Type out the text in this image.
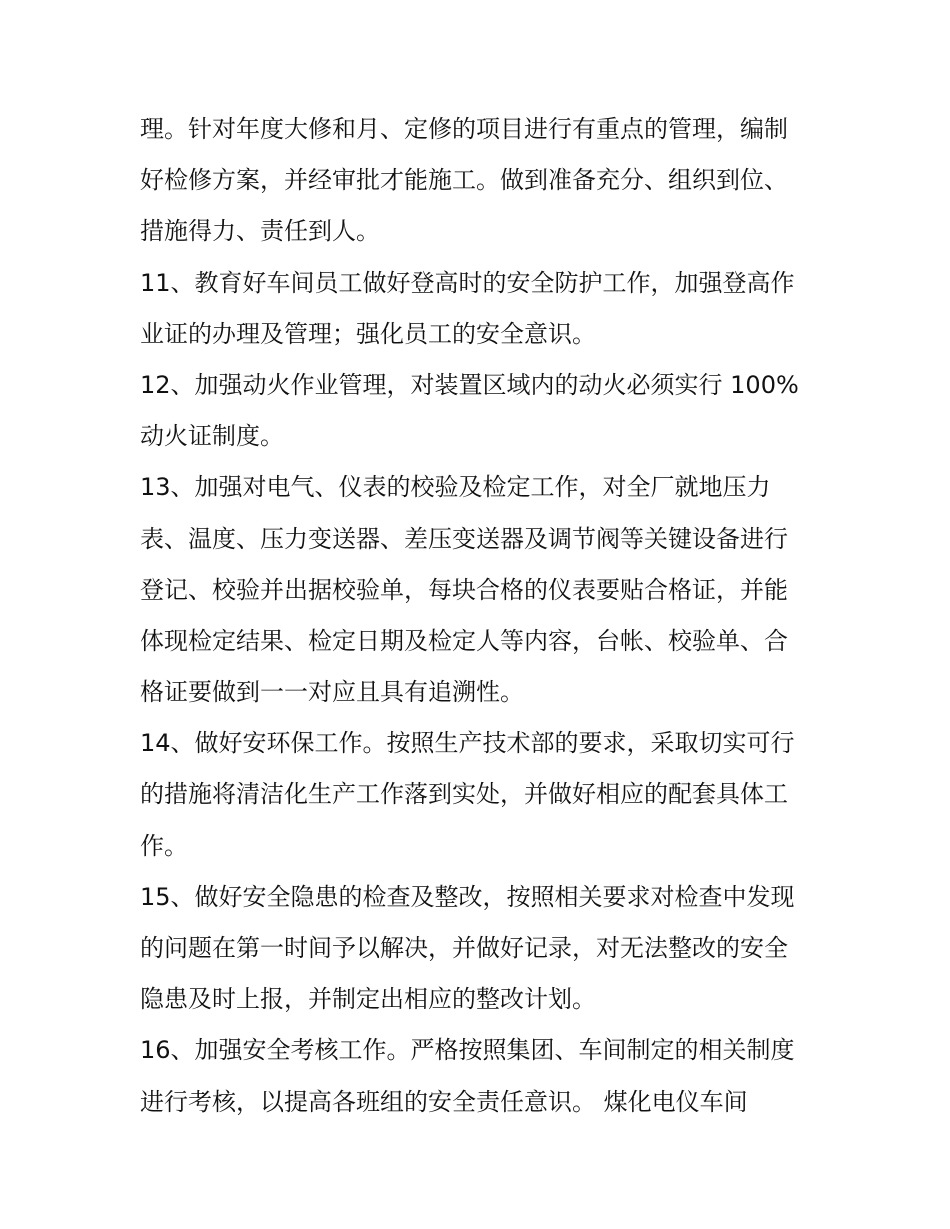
理。针对年度大修和月、定修的项目进行有重点的管理，编制
好检修方案，并经审批才能施工。做到准备充分、组织到位、
措施得力、责任到人。

11、教育好车间员工做好登高时的安全防护工作，加强登高作
业证的办理及管理；强化员工的安全意识。

12、加强动火作业管理，对装置区域内的动火必须实行 100%
动火证制度。

13、加强对电气、仪表的校验及检定工作，对全厂就地压力
表、温度、压力变送器、差压变送器及调节阀等关键设备进行
登记、校验并出据校验单，每块合格的仪表要贴合格证，并能
体现检定结果、检定日期及检定人等内容，台帐、校验单、合
格证要做到一一对应且具有追溯性。

14、做好安环保工作。按照生产技术部的要求，采取切实可行
的措施将清洁化生产工作落到实处，并做好相应的配套具体工
作。

15、做好安全隐患的检查及整改，按照相关要求对检查中发现
的问题在第一时间予以解决，并做好记录，对无法整改的安全
隐患及时上报，并制定出相应的整改计划。

16、加强安全考核工作。严格按照集团、车间制定的相关制度
进行考核，以提高各班组的安全责任意识。 煤化电仪车间
